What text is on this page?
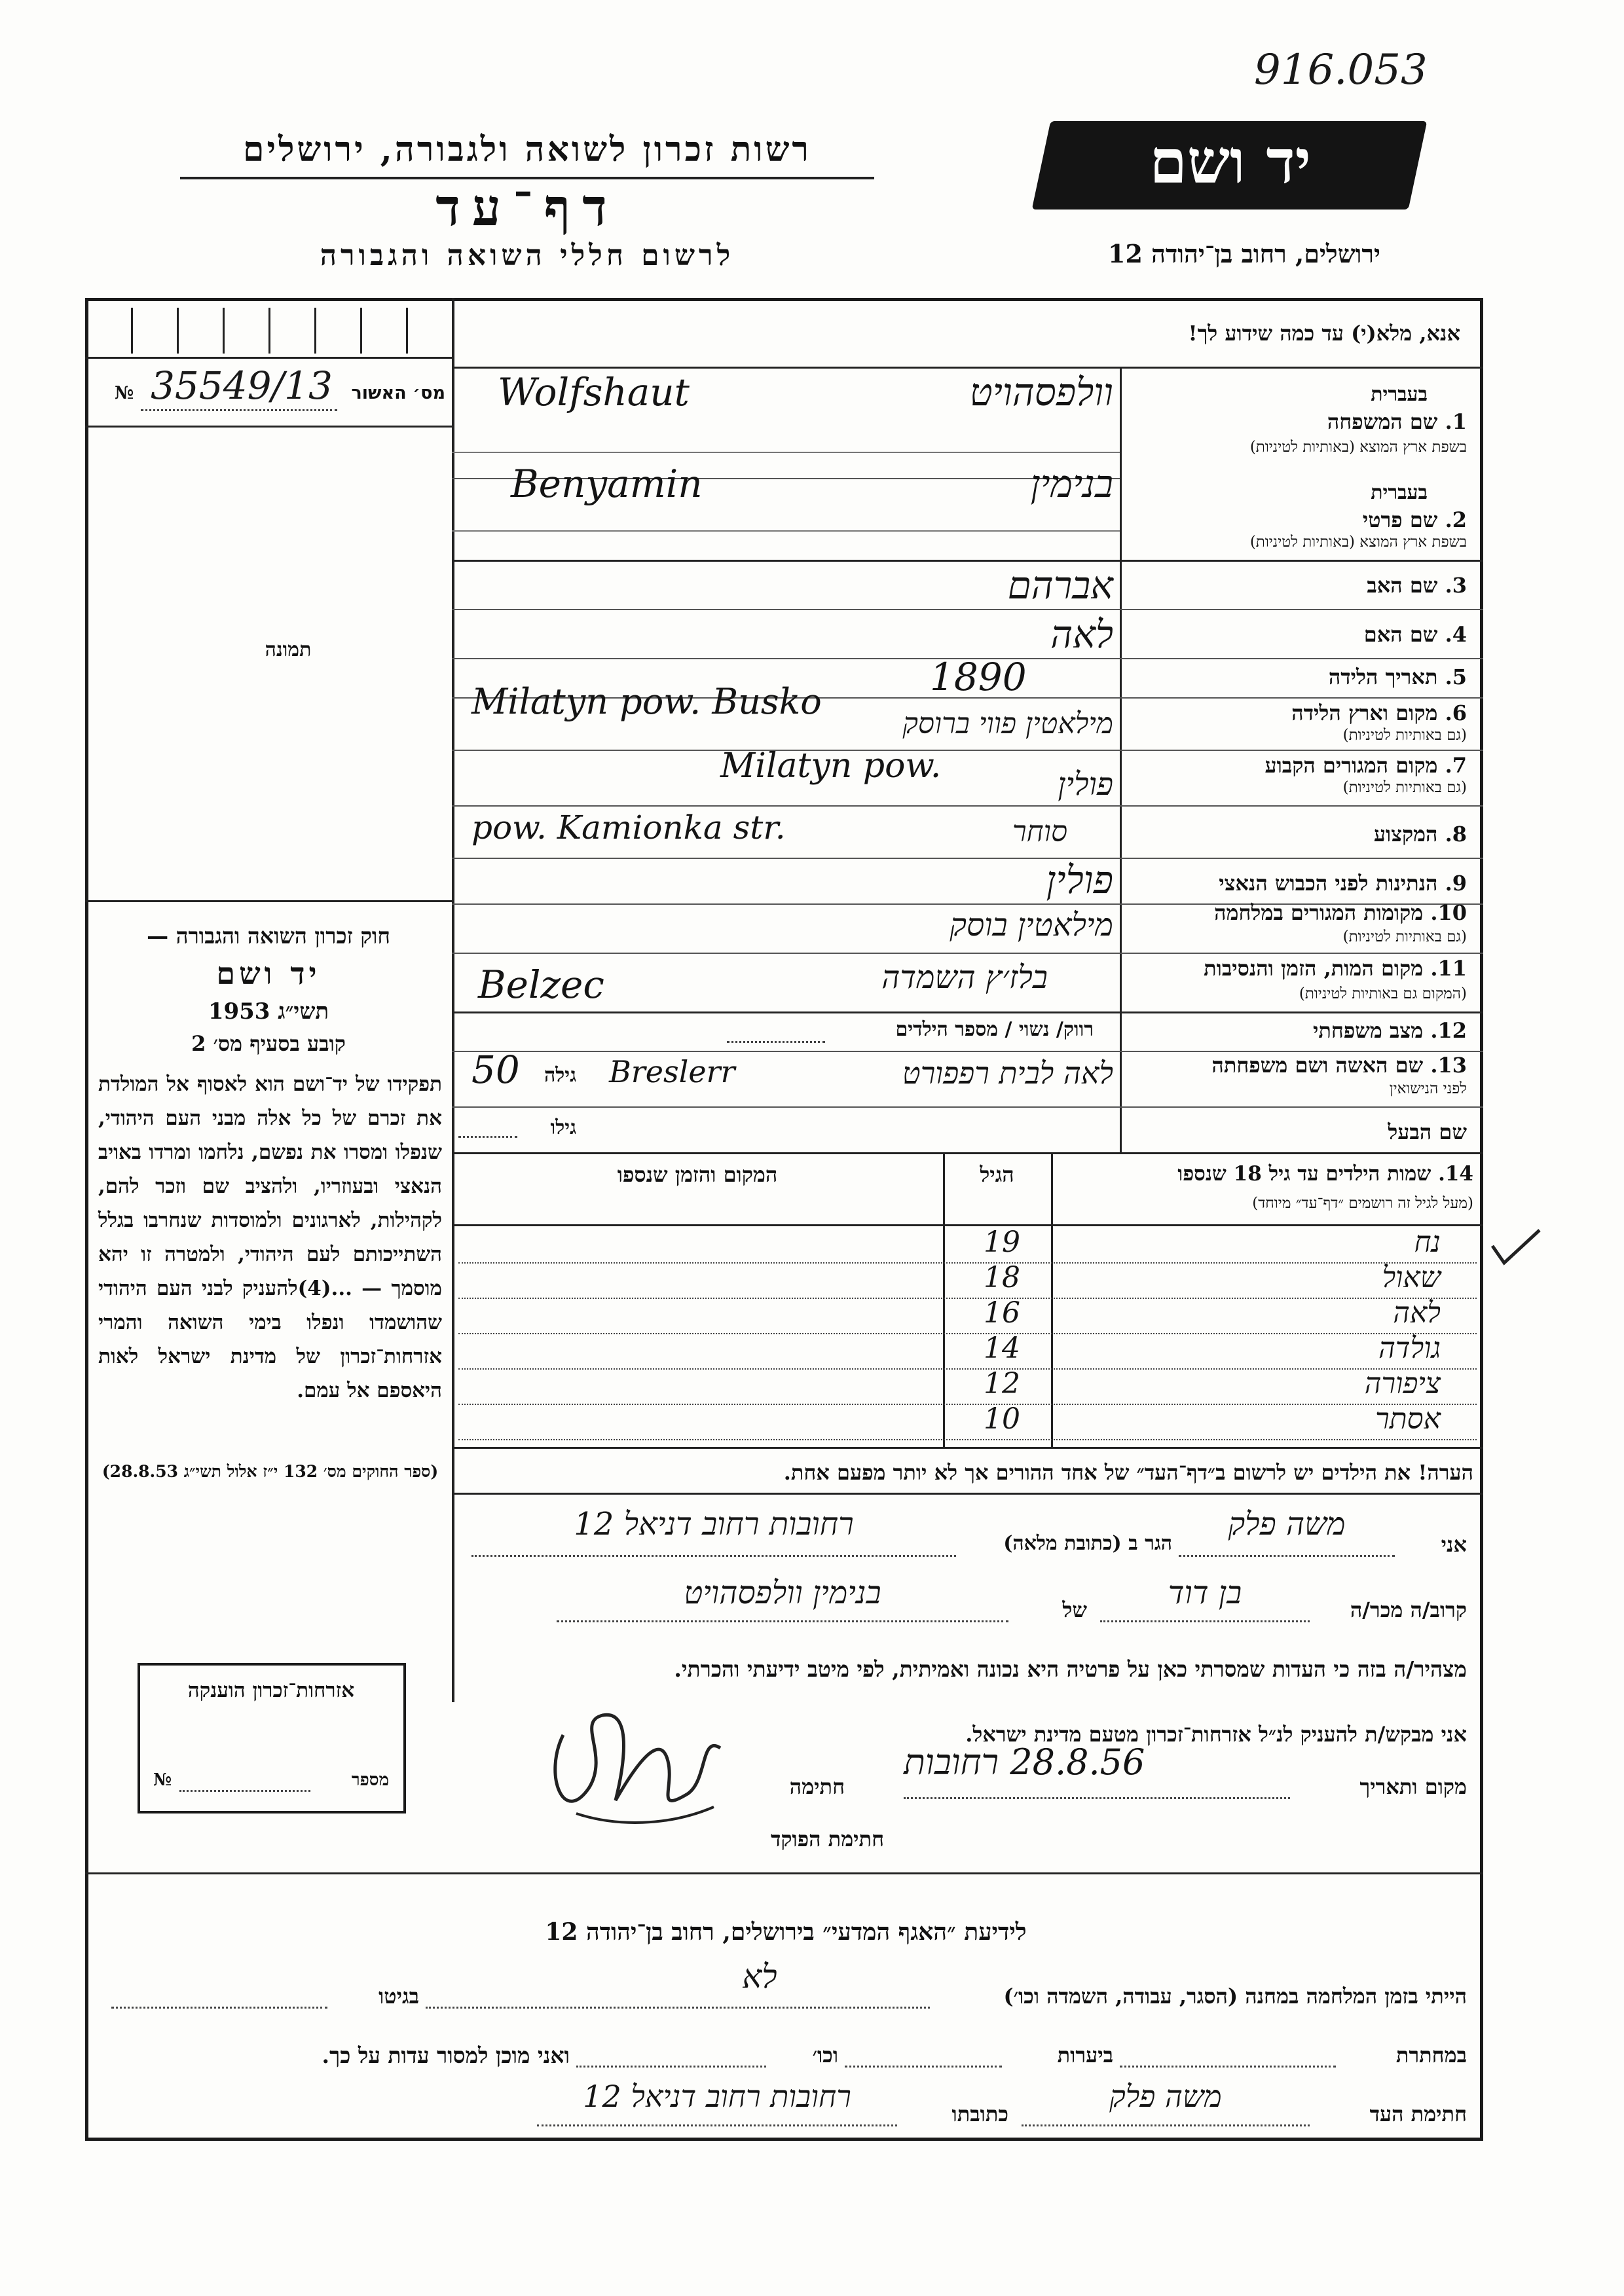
916.053
יד ושם
רשות זכרון לשואה ולגבורה, ירושלים
דף־עד
לרשום חללי השואה והגבורה	ירושלים, רחוב בן־יהודה 12
אנא, מלא(י) עד כמה שידוע לך!
מס׳ האשור
35549/13
№
תמונה
חוק זכרון השואה והגבורה —
יד ושם
תשי״ג 1953
קובע בסעיף מס׳ 2
תפקידו של יד־ושם הוא לאסוף אל המולדת את זכרם של כל אלה מבני העם היהודי, שנפלו ומסרו את נפשם, נלחמו ומרדו באויב הנאצי ובעוזריו, ולהציב שם וזכר להם, לקהילות, לארגונים ולמוסדות שנחרבו בגלל השתייכותם לעם היהודי, ולמטרה זו יהא מוסמך — ...(4)להעניק לבני העם היהודי שהושמדו ונפלו בימי השואה והמרי אזרחות־זכרון של מדינת ישראל לאות היאספם אל עמם.
(ספר החוקים מס׳ 132 י״ז אלול תשי״ג 28.8.53)
אזרחות־זכרון הוענקה
מספר
№
1. שם המשפחה
בעברית
בשפת ארץ המוצא (באותיות לטיניות)
וולפסהויט
Wolfshaut
בעברית
2. שם פרטי
בשפת ארץ המוצא (באותיות לטיניות)
בנימין
Benyamin
3. שם האב
אברהם
4. שם האם
לאה
5. תאריך הלידה
1890
6. מקום וארץ הלידה
(גם באותיות לטיניות)
מילאטין פווי ברוסק
Milatyn pow. Busko
7. מקום המגורים הקבוע
(גם באותיות לטיניות)
פולין
Milatyn pow.
8. המקצוע
סוחר
pow. Kamionka str.
9. הנתינות לפני הכבוש הנאצי
פולין
10. מקומות המגורים במלחמה
(גם באותיות לטיניות)
מילאטין בוסק
11. מקום המות, הזמן והנסיבות
(המקום גם באותיות לטיניות)
בלז׳ץ השמדה
Belzec
12. מצב משפחתי
רווק/ נשוי / מספר הילדים
13. שם האשה ושם משפחתה
לפני הנישואין
לאה לבית רפפורט
Breslerr
גילה
50
שם הבעל
גילו
14. שמות הילדים עד גיל 18 שנספו
(מעל לגיל זה רושמים ״דף־עד״ מיוחד)
הגיל
המקום והזמן שנספו
נח
19
שאול
18
לאה
16
גולדה
14
ציפורה
12
אסתר
10
הערה! את הילדים יש לרשום ב״דף־העד״ של אחד ההורים אך לא יותר מפעם אחת.
אני
משה פלק
הגר ב (כתובת מלאה)
רחובות רחוב דניאל 12
קרוב/ה מכר/ה
בן דוד
של
בנימין וולפסהויט
מצהיר/ה בזה כי העדות שמסרתי כאן על פרטיה היא נכונה ואמיתית, לפי מיטב ידיעתי והכרתי.
אני מבקש/ת להעניק לנ״ל אזרחות־זכרון מטעם מדינת ישראל.
מקום ותאריך
רחובות 28.8.56
חתימה
חתימת הפוקד
לידיעת ״האגף המדעי״ בירושלים, רחוב בן־יהודה 12
הייתי בזמן המלחמה במחנה (הסגר, עבודה, השמדה וכו׳)
לא
בגיטו
במחתרת
ביערות
וכו׳
ואני מוכן למסור עדות על כך.
חתימת העד
משה פלק
כתובתו
רחובות רחוב דניאל 12
